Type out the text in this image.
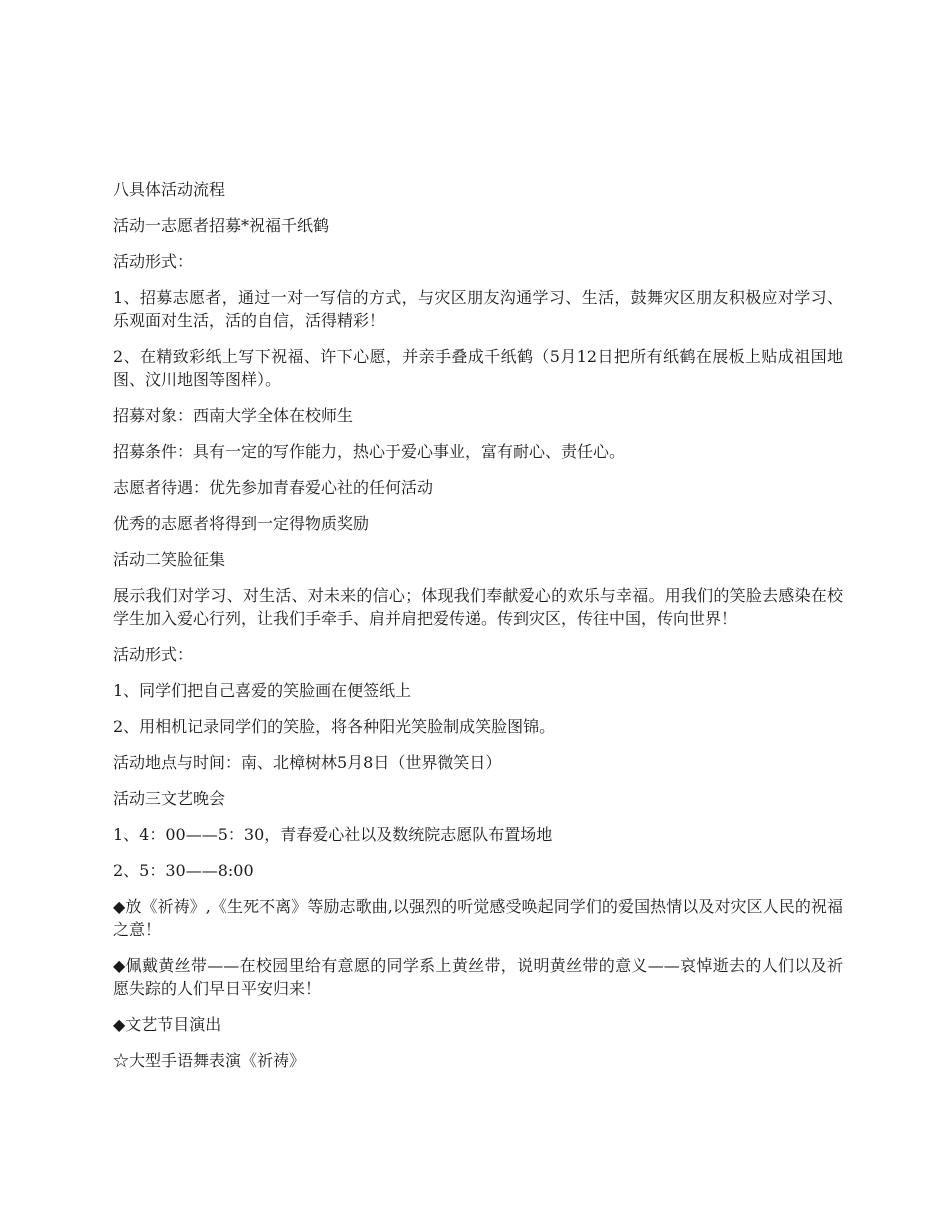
八具体活动流程

活动一志愿者招募*祝福千纸鹤

活动形式：

1、招募志愿者，通过一对一写信的方式，与灾区朋友沟通学习、生活，鼓舞灾区朋友积极应对学习、乐观面对生活，活的自信，活得精彩！

2、在精致彩纸上写下祝福、许下心愿，并亲手叠成千纸鹤（5月12日把所有纸鹤在展板上贴成祖国地图、汶川地图等图样）。

招募对象：西南大学全体在校师生

招募条件：具有一定的写作能力，热心于爱心事业，富有耐心、责任心。

志愿者待遇：优先参加青春爱心社的任何活动

优秀的志愿者将得到一定得物质奖励

活动二笑脸征集

展示我们对学习、对生活、对未来的信心；体现我们奉献爱心的欢乐与幸福。用我们的笑脸去感染在校学生加入爱心行列，让我们手牵手、肩并肩把爱传递。传到灾区，传往中国，传向世界！

活动形式：

1、同学们把自己喜爱的笑脸画在便签纸上

2、用相机记录同学们的笑脸，将各种阳光笑脸制成笑脸图锦。

活动地点与时间：南、北樟树林5月8日（世界微笑日）

活动三文艺晚会

1、4：00——5：30，青春爱心社以及数统院志愿队布置场地

2、5：30——8:00

◆放《祈祷》,《生死不离》等励志歌曲,以强烈的听觉感受唤起同学们的爱国热情以及对灾区人民的祝福之意！

◆佩戴黄丝带——在校园里给有意愿的同学系上黄丝带，说明黄丝带的意义——哀悼逝去的人们以及祈愿失踪的人们早日平安归来！

◆文艺节目演出

☆大型手语舞表演《祈祷》
